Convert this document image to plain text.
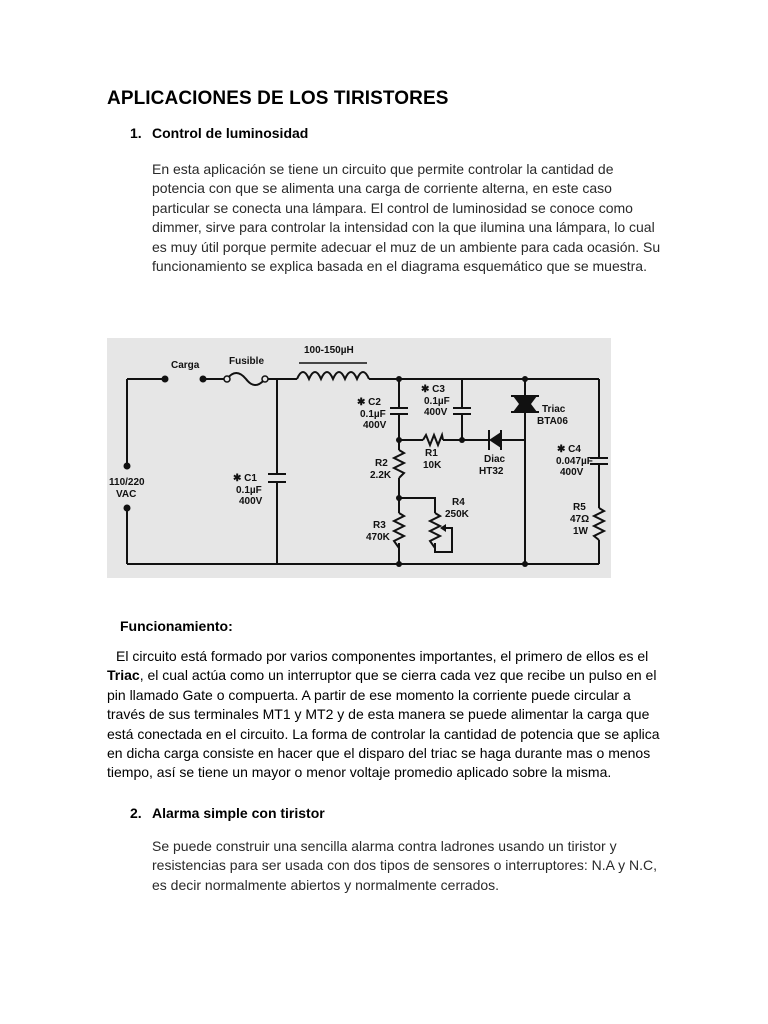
APLICACIONES DE LOS TIRISTORES
1. Control de luminosidad

En esta aplicación se tiene un circuito que permite controlar la cantidad de potencia con que se alimenta una carga de corriente alterna, en este caso particular se conecta una lámpara. El control de luminosidad se conoce como dimmer, sirve para controlar la intensidad con la que ilumina una lámpara, lo cual es muy útil porque permite adecuar el muz de un ambiente para cada ocasión. Su funcionamiento se explica basada en el diagrama esquemático que se muestra.

Carga	Fusible
100-150µH
110/220
VAC
✱ C1
0.1µF
400V
✱ C2
0.1µF
400V
✱ C3
0.1µF
400V
R1
10K
R2
2.2K
R3
470K
R4
250K
Diac
HT32
Triac
BTA06
✱ C4
0.047µF
400V
R5
47Ω
1W
Funcionamiento:

El circuito está formado por varios componentes importantes, el primero de ellos es el Triac, el cual actúa como un interruptor que se cierra cada vez que recibe un pulso en el pin llamado Gate o compuerta. A partir de ese momento la corriente puede circular a través de sus terminales MT1 y MT2 y de esta manera se puede alimentar la carga que está conectada en el circuito. La forma de controlar la cantidad de potencia que se aplica en dicha carga consiste en hacer que el disparo del triac se haga durante mas o menos tiempo, así se tiene un mayor o menor voltaje promedio aplicado sobre la misma.

2. Alarma simple con tiristor

Se puede construir una sencilla alarma contra ladrones usando un tiristor y resistencias para ser usada con dos tipos de sensores o interruptores: N.A y N.C, es decir normalmente abiertos y normalmente cerrados.
